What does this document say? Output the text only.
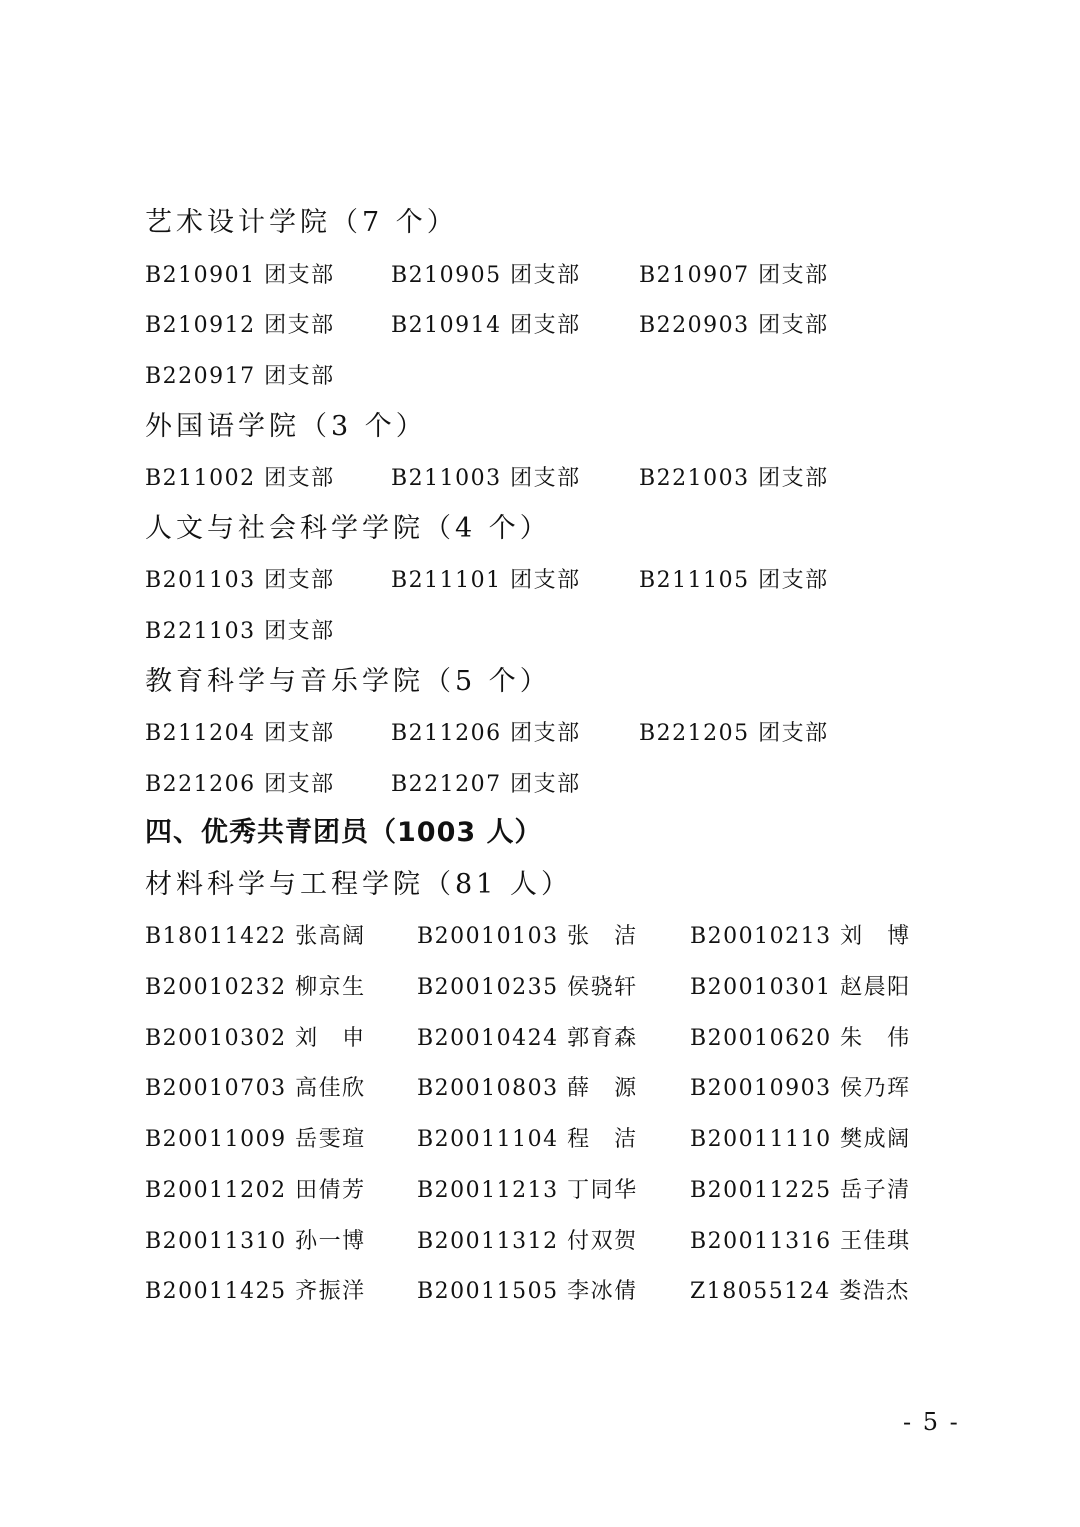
艺术设计学院（7 个）
B210901 团支部	B210905 团支部	B210907 团支部
B210912 团支部	B210914 团支部	B220903 团支部
B220917 团支部
外国语学院（3 个）
B211002 团支部	B211003 团支部	B221003 团支部
人文与社会科学学院（4 个）
B201103 团支部	B211101 团支部	B211105 团支部
B221103 团支部
教育科学与音乐学院（5 个）
B211204 团支部	B211206 团支部	B221205 团支部
B221206 团支部	B221207 团支部
四、优秀共青团员（1003 人）
材料科学与工程学院（81 人）
B18011422 张高阔 B20010103 张　洁 B20010213 刘　博
B20010232 柳京生 B20010235 侯骁轩 B20010301 赵晨阳
B20010302 刘　申 B20010424 郭育森 B20010620 朱　伟
B20010703 高佳欣 B20010803 薛　源 B20010903 侯乃珲
B20011009 岳雯瑄 B20011104 程　洁 B20011110 樊成阔
B20011202 田倩芳 B20011213 丁同华 B20011225 岳子清
B20011310 孙一博 B20011312 付双贺 B20011316 王佳琪
B20011425 齐振洋 B20011505 李冰倩 Z18055124 娄浩杰
- 5 -
